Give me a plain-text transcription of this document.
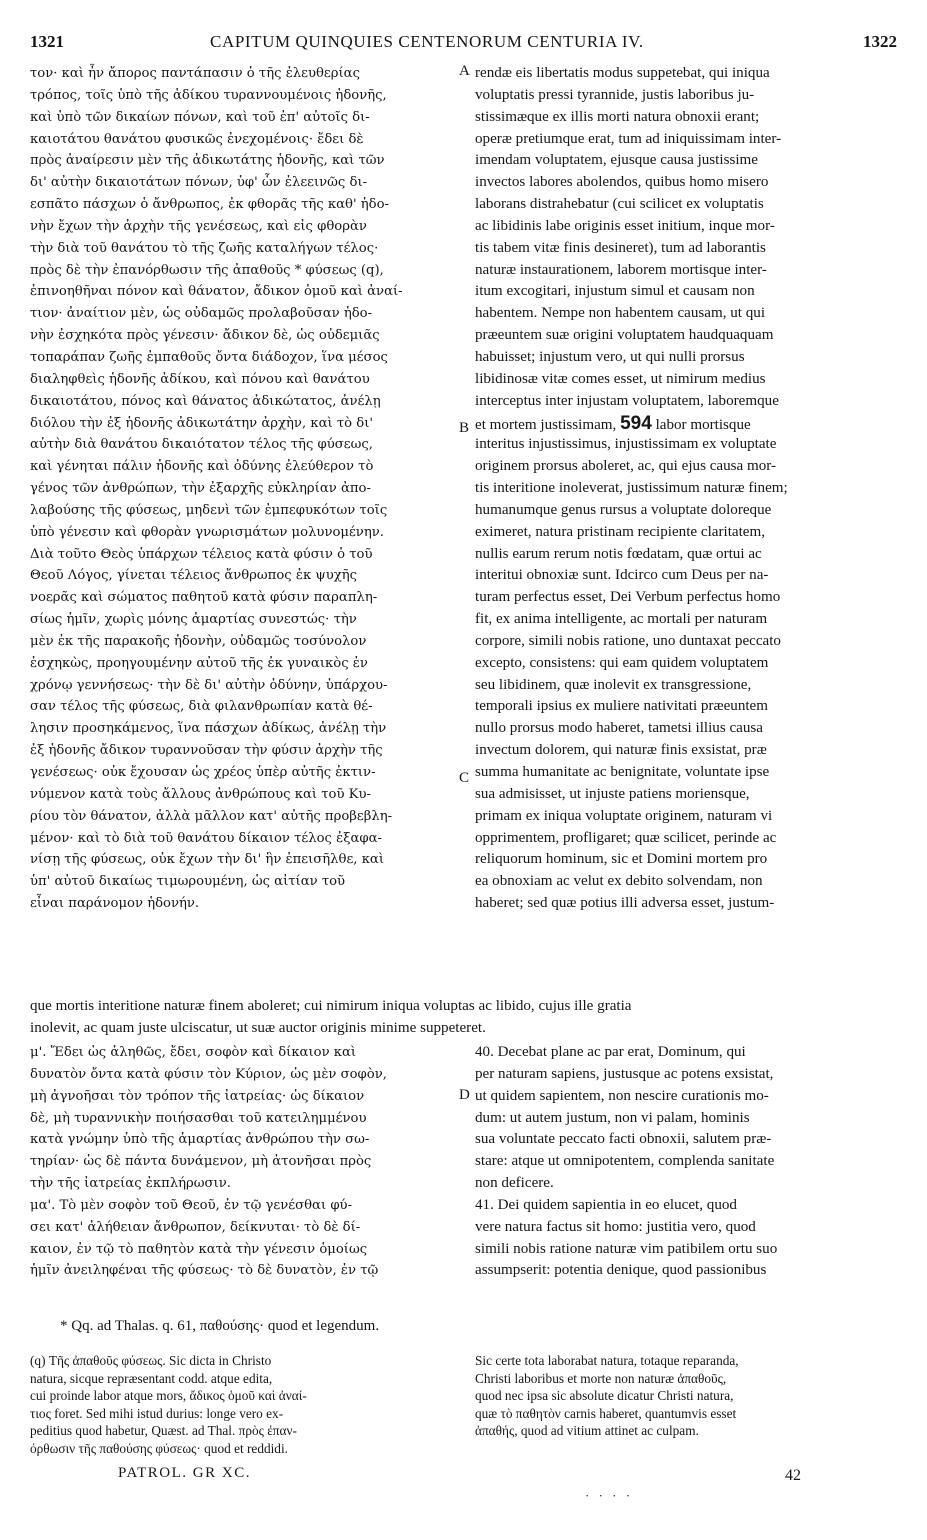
1321	CAPITUM QUINQUIES CENTENORUM CENTURIA IV.	1322
A
B
C
D
τον· καὶ ἦν ἄπορος παντάπασιν ὁ τῆς ἐλευθερίας
τρόπος, τοῖς ὑπὸ τῆς ἀδίκου τυραννουμένοις ἡδονῆς,
καὶ ὑπὸ τῶν δικαίων πόνων, καὶ τοῦ ἐπ' αὐτοῖς δι-
καιοτάτου θανάτου φυσικῶς ἐνεχομένοις· ἔδει δὲ
πρὸς ἀναίρεσιν μὲν τῆς ἀδικωτάτης ἡδονῆς, καὶ τῶν
δι' αὐτὴν δικαιοτάτων πόνων, ὑφ' ὧν ἐλεεινῶς δι-
εσπᾶτο πάσχων ὁ ἄνθρωπος, ἐκ φθορᾶς τῆς καθ' ἡδο-
νὴν ἔχων τὴν ἀρχὴν τῆς γενέσεως, καὶ εἰς φθορὰν
τὴν διὰ τοῦ θανάτου τὸ τῆς ζωῆς καταλήγων τέλος·
πρὸς δὲ τὴν ἐπανόρθωσιν τῆς ἀπαθοῦς * φύσεως (q),
ἐπινοηθῆναι πόνον καὶ θάνατον, ἄδικον ὁμοῦ καὶ ἀναί-
τιον· ἀναίτιον μὲν, ὡς οὐδαμῶς προλαβοῦσαν ἡδο-
νὴν ἐσχηκότα πρὸς γένεσιν· ἄδικον δὲ, ὡς οὐδεμιᾶς
τοπαράπαν ζωῆς ἐμπαθοῦς ὄντα διάδοχον, ἵνα μέσος
διαληφθεὶς ἡδονῆς ἀδίκου, καὶ πόνου καὶ θανάτου
δικαιοτάτου, πόνος καὶ θάνατος ἀδικώτατος, ἀνέλῃ
διόλου τὴν ἐξ ἡδονῆς ἀδικωτάτην ἀρχὴν, καὶ τὸ δι'
αὐτὴν διὰ θανάτου δικαιότατον τέλος τῆς φύσεως,
καὶ γένηται πάλιν ἡδονῆς καὶ ὀδύνης ἐλεύθερον τὸ
γένος τῶν ἀνθρώπων, τὴν ἐξαρχῆς εὐκληρίαν ἀπο-
λαβούσης τῆς φύσεως, μηδενὶ τῶν ἐμπεφυκότων τοῖς
ὑπὸ γένεσιν καὶ φθορὰν γνωρισμάτων μολυνομένην.
Διὰ τοῦτο Θεὸς ὑπάρχων τέλειος κατὰ φύσιν ὁ τοῦ
Θεοῦ Λόγος, γίνεται τέλειος ἄνθρωπος ἐκ ψυχῆς
νοερᾶς καὶ σώματος παθητοῦ κατὰ φύσιν παραπλη-
σίως ἡμῖν, χωρὶς μόνης ἁμαρτίας συνεστώς· τὴν
μὲν ἐκ τῆς παρακοῆς ἡδονὴν, οὐδαμῶς τοσύνολον
ἐσχηκὼς, προηγουμένην αὐτοῦ τῆς ἐκ γυναικὸς ἐν
χρόνῳ γεννήσεως· τὴν δὲ δι' αὐτὴν ὀδύνην, ὑπάρχου-
σαν τέλος τῆς φύσεως, διὰ φιλανθρωπίαν κατὰ θέ-
λησιν προσηκάμενος, ἵνα πάσχων ἀδίκως, ἀνέλῃ τὴν
ἐξ ἡδονῆς ἄδικον τυραννοῦσαν τὴν φύσιν ἀρχὴν τῆς
γενέσεως· οὐκ ἔχουσαν ὡς χρέος ὑπὲρ αὐτῆς ἐκτιν-
νύμενον κατὰ τοὺς ἄλλους ἀνθρώπους καὶ τοῦ Κυ-
ρίου τὸν θάνατον, ἀλλὰ μᾶλλον κατ' αὐτῆς προβεβλη-
μένον· καὶ τὸ διὰ τοῦ θανάτου δίκαιον τέλος ἐξαφα-
νίσῃ τῆς φύσεως, οὐκ ἔχων τὴν δι' ἣν ἐπεισῆλθε, καὶ
ὑπ' αὐτοῦ δικαίως τιμωρουμένη, ὡς αἰτίαν τοῦ
εἶναι παράνομον ἡδονήν.
rendæ eis libertatis modus suppetebat, qui iniqua
voluptatis pressi tyrannide, justis laboribus ju-
stissimæque ex illis morti natura obnoxii erant;
operæ pretiumque erat, tum ad iniquissimam inter-
imendam voluptatem, ejusque causa justissime
invectos labores abolendos, quibus homo misero
laborans distrahebatur (cui scilicet ex voluptatis
ac libidinis labe originis esset initium, inque mor-
tis tabem vitæ finis desineret), tum ad laborantis
naturæ instaurationem, laborem mortisque inter-
itum excogitari, injustum simul et causam non
habentem. Nempe non habentem causam, ut qui
præeuntem suæ origini voluptatem haudquaquam
habuisset; injustum vero, ut qui nulli prorsus
libidinosæ vitæ comes esset, ut nimirum medius
interceptus inter injustam voluptatem, laboremque
et mortem justissimam, 594 labor mortisque
interitus injustissimus, injustissimam ex voluptate
originem prorsus aboleret, ac, qui ejus causa mor-
tis interitione inoleverat, justissimum naturæ finem;
humanumque genus rursus a voluptate doloreque
eximeret, natura pristinam recipiente claritatem,
nullis earum rerum notis fœdatam, quæ ortui ac
interitui obnoxiæ sunt. Idcirco cum Deus per na-
turam perfectus esset, Dei Verbum perfectus homo
fit, ex anima intelligente, ac mortali per naturam
corpore, simili nobis ratione, uno duntaxat peccato
excepto, consistens: qui eam quidem voluptatem
seu libidinem, quæ inolevit ex transgressione,
temporali ipsius ex muliere nativitati præeuntem
nullo prorsus modo haberet, tametsi illius causa
invectum dolorem, qui naturæ finis exsistat, præ
summa humanitate ac benignitate, voluntate ipse
sua admisisset, ut injuste patiens moriensque,
primam ex iniqua voluptate originem, naturam vi
opprimentem, profligaret; quæ scilicet, perinde ac
reliquorum hominum, sic et Domini mortem pro
ea obnoxiam ac velut ex debito solvendam, non
haberet; sed quæ potius illi adversa esset, justum-
que mortis interitione naturæ finem aboleret; cui nimirum iniqua voluptas ac libido, cujus ille gratia
inolevit, ac quam juste ulciscatur, ut suæ auctor originis minime suppeteret.
μ'. Ἔδει ὡς ἀληθῶς, ἔδει, σοφὸν καὶ δίκαιον καὶ
δυνατὸν ὄντα κατὰ φύσιν τὸν Κύριον, ὡς μὲν σοφὸν,
μὴ ἀγνοῆσαι τὸν τρόπον τῆς ἰατρείας· ὡς δίκαιον
δὲ, μὴ τυραννικὴν ποιήσασθαι τοῦ κατειλημμένου
κατὰ γνώμην ὑπὸ τῆς ἁμαρτίας ἀνθρώπου τὴν σω-
τηρίαν· ὡς δὲ πάντα δυνάμενον, μὴ ἀτονῆσαι πρὸς
τὴν τῆς ἰατρείας ἐκπλήρωσιν.
μα'. Τὸ μὲν σοφὸν τοῦ Θεοῦ, ἐν τῷ γενέσθαι φύ-
σει κατ' ἀλήθειαν ἄνθρωπον, δείκνυται· τὸ δὲ δί-
καιον, ἐν τῷ τὸ παθητὸν κατὰ τὴν γένεσιν ὁμοίως
ἡμῖν ἀνειληφέναι τῆς φύσεως· τὸ δὲ δυνατὸν, ἐν τῷ
40. Decebat plane ac par erat, Dominum, qui
per naturam sapiens, justusque ac potens exsistat,
ut quidem sapientem, non nescire curationis mo-
dum: ut autem justum, non vi palam, hominis
sua voluntate peccato facti obnoxii, salutem præ-
stare: atque ut omnipotentem, complenda sanitate
non deficere.
41. Dei quidem sapientia in eo elucet, quod
vere natura factus sit homo: justitia vero, quod
simili nobis ratione naturæ vim patibilem ortu suo
assumpserit: potentia denique, quod passionibus
* Qq. ad Thalas. q. 61, παθούσης· quod et legendum.
(q) Τῆς ἀπαθοῦς φύσεως. Sic dicta in Christo
natura, sicque repræsentant codd. atque edita,
cui proinde labor atque mors, ἄδικος ὁμοῦ καὶ ἀναί-
τιος foret. Sed mihi istud durius: longe vero ex-
peditius quod habetur, Quæst. ad Thal. πρὸς ἐπαν-
όρθωσιν τῆς παθούσης φύσεως· quod et reddidi.
Sic certe tota laborabat natura, totaque reparanda,
Christi laboribus et morte non naturæ ἀπαθοῦς,
quod nec ipsa sic absolute dicatur Christi natura,
quæ τὸ παθητὸν carnis haberet, quantumvis esset
ἀπαθής, quod ad vitium attinet ac culpam.
PATROL. GR XC.	42
· · · ·
